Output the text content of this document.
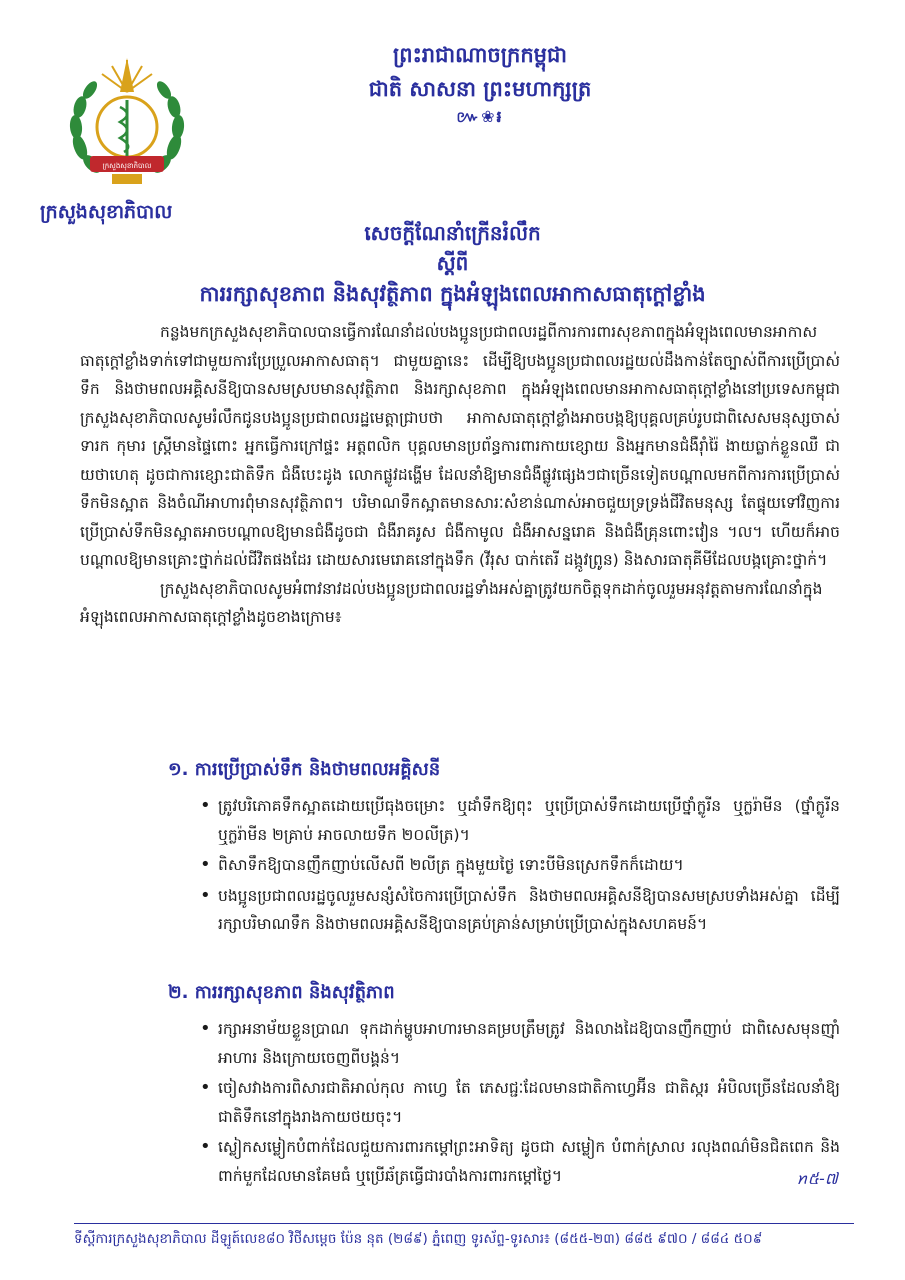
ក្រសួងសុខាភិបាល
ក្រសួងសុខាភិបាល
ព្រះរាជាណាចក្រកម្ពុជា
ជាតិ សាសនា ព្រះមហាក្សត្រ
៚❀៛
សេចក្តីណែនាំក្រើនរំលឹក
ស្តីពី
ការរក្សាសុខភាព និងសុវត្ថិភាព ក្នុងអំឡុងពេលអាកាសធាតុក្តៅខ្លាំង

កន្លងមកក្រសួងសុខាភិបាលបានធ្វើការណែនាំដល់បងប្អូនប្រជាពលរដ្ឋពីការការពារសុខភាពក្នុងអំឡុងពេលមានអាកាសធាតុក្តៅខ្លាំងទាក់ទៅជាមួយការប្រែប្រួលអាកាសធាតុ។ ជាមួយគ្នានេះ ដើម្បីឱ្យបងប្អូនប្រជាពលរដ្ឋយល់ដឹងកាន់តែច្បាស់ពីការប្រើប្រាស់ទឹក និងថាមពលអគ្គិសនីឱ្យបានសមស្របមានសុវត្ថិភាព និងរក្សាសុខភាព ក្នុងអំឡុងពេលមានអាកាសធាតុក្តៅខ្លាំងនៅប្រទេសកម្ពុជា ក្រសួងសុខាភិបាលសូមរំលឹកជូនបងប្អូនប្រជាពលរដ្ឋមេត្តាជ្រាបថា អាកាសធាតុក្តៅខ្លាំងអាចបង្កឱ្យបុគ្គលគ្រប់រូបជាពិសេសមនុស្សចាស់ ទារក កុមារ ស្ត្រីមានផ្ទៃពោះ អ្នកធ្វើការក្រៅផ្ទះ អត្តពលិក បុគ្គលមានប្រព័ន្ធការពារកាយខ្សោយ និងអ្នកមានជំងឺរ៉ាំរ៉ៃ ងាយធ្លាក់ខ្លួនឈឺ ជាយថាហេតុ ដូចជាការខ្សោះជាតិទឹក ជំងឺបេះដូង លោកផ្លូវដង្ហើម ដែលនាំឱ្យមានជំងឺផ្លូវផ្សេងៗជាច្រើនទៀតបណ្តាលមកពីការការប្រើប្រាស់ទឹកមិនស្អាត និងចំណីអាហារពុំមានសុវត្ថិភាព។ បរិមាណទឹកស្អាតមានសារៈសំខាន់ណាស់អាចជួយទ្រទ្រង់ជីវិតមនុស្ស តែផ្ទុយទៅវិញការប្រើប្រាស់ទឹកមិនស្អាតអាចបណ្តាលឱ្យមានជំងឺដូចជា ជំងឺរាគរូស ជំងឺកាមូល ជំងឺអាសន្នរោគ និងជំងឺគ្រុនពោះវៀន ។ល។ ហើយក៏អាចបណ្តាលឱ្យមានគ្រោះថ្នាក់ដល់ជីវិតផងដែរ ដោយសារមេរោគនៅក្នុងទឹក (វីរុស បាក់តេរី ដង្កូវព្រូន) និងសារធាតុគីមីដែលបង្កគ្រោះថ្នាក់។

ក្រសួងសុខាភិបាលសូមអំពាវនាវដល់បងប្អូនប្រជាពលរដ្ឋទាំងអស់គ្នាត្រូវយកចិត្តទុកដាក់ចូលរួមអនុវត្តតាមការណែនាំក្នុងអំឡុងពេលអាកាសធាតុក្តៅខ្លាំងដូចខាងក្រោម៖

១. ការប្រើប្រាស់ទឹក និងថាមពលអគ្គិសនី
• ត្រូវបរិភោគទឹកស្អាតដោយប្រើធុងចម្រោះ ឬដាំទឹកឱ្យពុះ ឬប្រើប្រាស់ទឹកដោយប្រើថ្នាំក្លូរីន ឬក្លរ៉ាមីន (ថ្នាំក្លូរីន ឬក្លរ៉ាមីន ២គ្រាប់ អាចលាយទឹក ២០លីត្រ)។
• ពិសាទឹកឱ្យបានញឹកញាប់លើសពី ២លីត្រ ក្នុងមួយថ្ងៃ ទោះបីមិនស្រេកទឹកក៏ដោយ។
• បងប្អូនប្រជាពលរដ្ឋចូលរួមសន្សំសំចៃការប្រើប្រាស់ទឹក និងថាមពលអគ្គិសនីឱ្យបានសមស្របទាំងអស់គ្នា ដើម្បីរក្សាបរិមាណទឹក និងថាមពលអគ្គិសនីឱ្យបានគ្រប់គ្រាន់សម្រាប់ប្រើប្រាស់ក្នុងសហគមន៍។
២. ការរក្សាសុខភាព និងសុវត្ថិភាព
• រក្សាអនាម័យខ្លួនប្រាណ ទុកដាក់ម្ហូបអាហារមានគម្របត្រឹមត្រូវ និងលាងដៃឱ្យបានញឹកញាប់ ជាពិសេសមុនញ៉ាំអាហារ និងក្រោយចេញពីបង្គន់។
• ចៀសវាងការពិសារជាតិអាល់កុល កាហ្វេ តែ ភេសជ្ជៈដែលមានជាតិកាហ្វេអ៊ីន ជាតិស្ករ អំបិលច្រើនដែលនាំឱ្យជាតិទឹកនៅក្នុងរាងកាយថយចុះ។
• ស្លៀកសម្លៀកបំពាក់ដែលជួយការពារកម្តៅព្រះអាទិត្យ ដូចជា សម្លៀក បំពាក់ស្រាល រលុងពណ៌មិនជិតពេក និងពាក់មួកដែលមានគែមធំ ឬប្រើឆ័ត្រធ្វើជារបាំងការពារកម្តៅថ្ងៃ។	ꪀ៥-៧
ទីស្តីការក្រសួងសុខាភិបាល ដីឡូត៍លេខ៨០ វិថីសម្តេច ប៉ែន នុត (២៨៩) ភ្នំពេញ ទូរស័ព្ទ-ទូរសារ៖ (៨៥៥-២៣) ៨៨៥ ៩៧០ / ៨៨៤ ៥០៩
